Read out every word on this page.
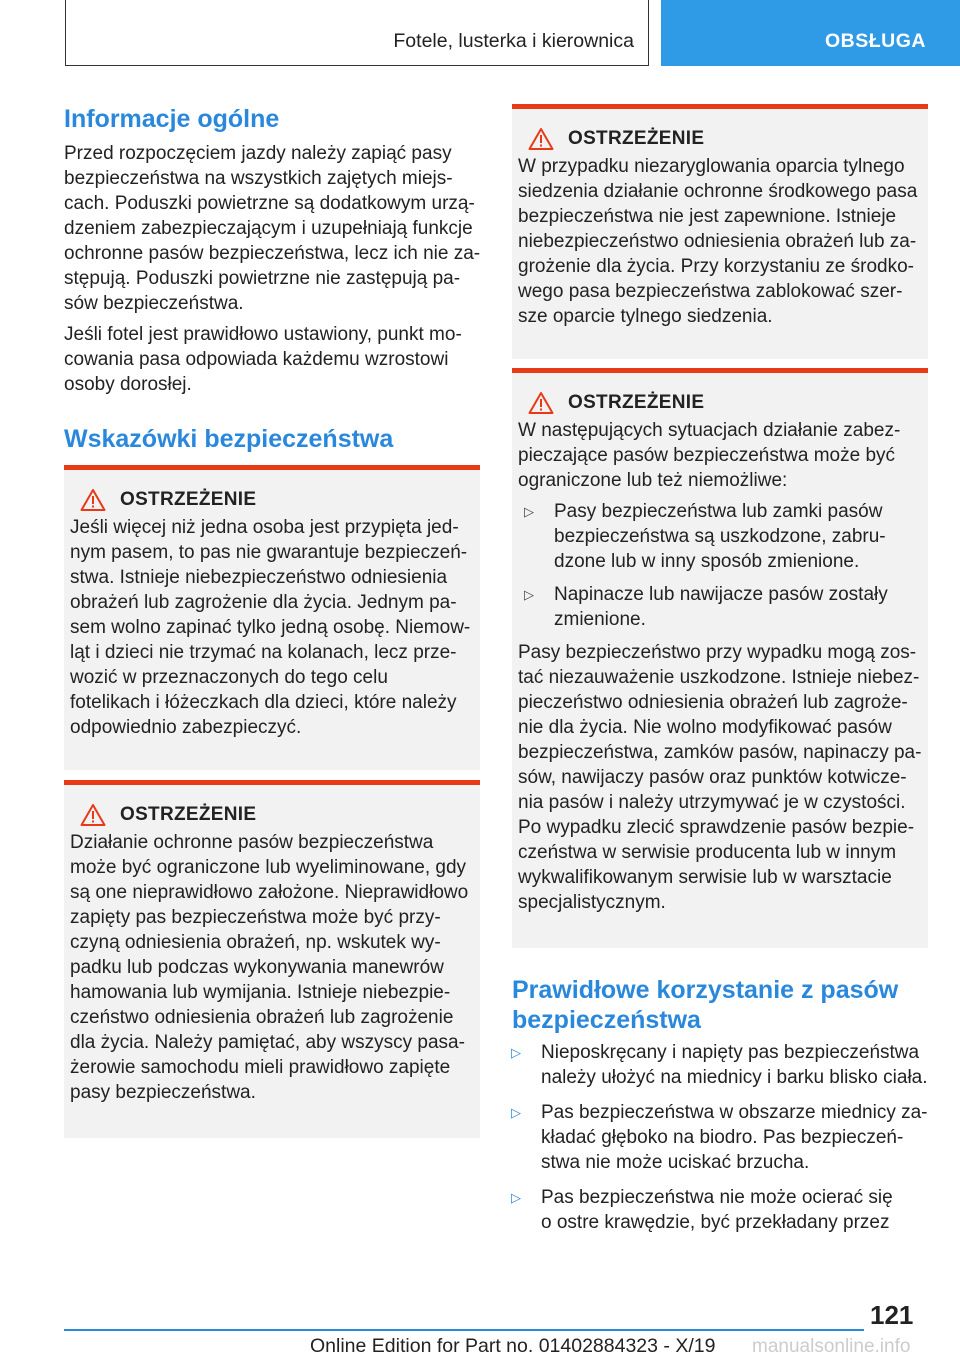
Fotele, lusterka i kierownica	OBSŁUGA
Informacje ogólne

Przed rozpoczęciem jazdy należy zapiąć pasy
bezpieczeństwa na wszystkich zajętych miejs‐
cach. Poduszki powietrzne są dodatkowym urzą‐
dzeniem zabezpieczającym i uzupełniają funkcje
ochronne pasów bezpieczeństwa, lecz ich nie za‐
stępują. Poduszki powietrzne nie zastępują pa‐
sów bezpieczeństwa.

Jeśli fotel jest prawidłowo ustawiony, punkt mo‐
cowania pasa odpowiada każdemu wzrostowi
osoby dorosłej.

Wskazówki bezpieczeństwa
OSTRZEŻENIE

Jeśli więcej niż jedna osoba jest przypięta jed‐
nym pasem, to pas nie gwarantuje bezpieczeń‐
stwa. Istnieje niebezpieczeństwo odniesienia
obrażeń lub zagrożenie dla życia. Jednym pa‐
sem wolno zapinać tylko jedną osobę. Niemow‐
ląt i dzieci nie trzymać na kolanach, lecz prze‐
wozić w przeznaczonych do tego celu
fotelikach i łóżeczkach dla dzieci, które należy
odpowiednio zabezpieczyć.

OSTRZEŻENIE

Działanie ochronne pasów bezpieczeństwa
może być ograniczone lub wyeliminowane, gdy
są one nieprawidłowo założone. Nieprawidłowo
zapięty pas bezpieczeństwa może być przy‐
czyną odniesienia obrażeń, np. wskutek wy‐
padku lub podczas wykonywania manewrów
hamowania lub wymijania. Istnieje niebezpie‐
czeństwo odniesienia obrażeń lub zagrożenie
dla życia. Należy pamiętać, aby wszyscy pasa‐
żerowie samochodu mieli prawidłowo zapięte
pasy bezpieczeństwa.

OSTRZEŻENIE

W przypadku niezaryglowania oparcia tylnego
siedzenia działanie ochronne środkowego pasa
bezpieczeństwa nie jest zapewnione. Istnieje
niebezpieczeństwo odniesienia obrażeń lub za‐
grożenie dla życia. Przy korzystaniu ze środko‐
wego pasa bezpieczeństwa zablokować szer‐
sze oparcie tylnego siedzenia.

OSTRZEŻENIE

W następujących sytuacjach działanie zabez‐
pieczające pasów bezpieczeństwa może być
ograniczone lub też niemożliwe:

▷ Pasy bezpieczeństwa lub zamki pasów
bezpieczeństwa są uszkodzone, zabru‐
dzone lub w inny sposób zmienione.
▷ Napinacze lub nawijacze pasów zostały
zmienione.

Pasy bezpieczeństwo przy wypadku mogą zos‐
tać niezauważenie uszkodzone. Istnieje niebez‐
pieczeństwo odniesienia obrażeń lub zagroże‐
nie dla życia. Nie wolno modyfikować pasów
bezpieczeństwa, zamków pasów, napinaczy pa‐
sów, nawijaczy pasów oraz punktów kotwicze‐
nia pasów i należy utrzymywać je w czystości.
Po wypadku zlecić sprawdzenie pasów bezpie‐
czeństwa w serwisie producenta lub w innym
wykwalifikowanym serwisie lub w warsztacie
specjalistycznym.

Prawidłowe korzystanie z pasów
bezpieczeństwa
▷ Nieposkręcany i napięty pas bezpieczeństwa
należy ułożyć na miednicy i barku blisko ciała.
▷ Pas bezpieczeństwa w obszarze miednicy za‐
kładać głęboko na biodro. Pas bezpieczeń‐
stwa nie może uciskać brzucha.
▷ Pas bezpieczeństwa nie może ocierać się
o ostre krawędzie, być przekładany przez
121
Online Edition for Part no. 01402884323 - X/19 manualsonline.info
